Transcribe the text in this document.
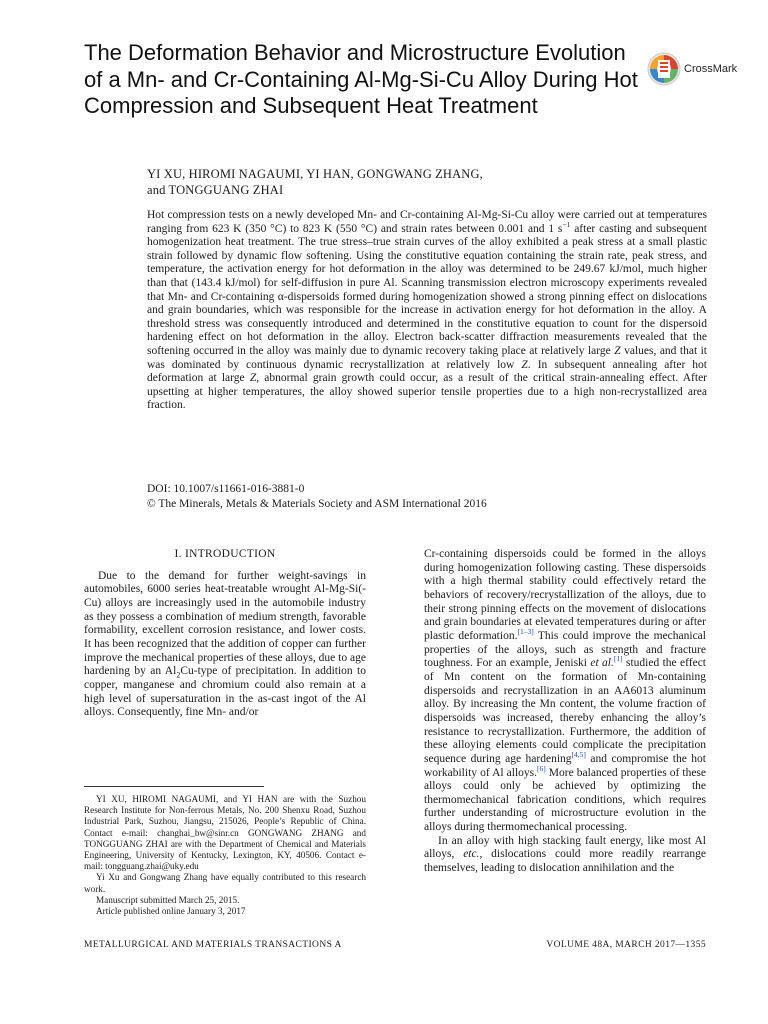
The Deformation Behavior and Microstructure Evolution of a Mn- and Cr-Containing Al-Mg-Si-Cu Alloy During Hot Compression and Subsequent Heat Treatment
CrossMark
YI XU, HIROMI NAGAUMI, YI HAN, GONGWANG ZHANG,
and TONGGUANG ZHAI

Hot compression tests on a newly developed Mn- and Cr-containing Al-Mg-Si-Cu alloy were carried out at temperatures ranging from 623 K (350 °C) to 823 K (550 °C) and strain rates between 0.001 and 1 $s^{-1}$ after casting and subsequent homogenization heat treatment. The true stress–true strain curves of the alloy exhibited a peak stress at a small plastic strain followed by dynamic flow softening. Using the constitutive equation containing the strain rate, peak stress, and temperature, the activation energy for hot deformation in the alloy was determined to be 249.67 kJ/mol, much higher than that (143.4 kJ/mol) for self-diffusion in pure Al. Scanning transmission electron microscopy experiments revealed that Mn- and Cr-containing α-dispersoids formed during homogenization showed a strong pinning effect on dislocations and grain boundaries, which was responsible for the increase in activation energy for hot deformation in the alloy. A threshold stress was consequently introduced and determined in the constitutive equation to count for the dispersoid hardening effect on hot deformation in the alloy. Electron back-scatter diffraction measurements revealed that the softening occurred in the alloy was mainly due to dynamic recovery taking place at relatively large Z values, and that it was dominated by continuous dynamic recrystallization at relatively low Z. In subsequent annealing after hot deformation at large Z, abnormal grain growth could occur, as a result of the critical strain-annealing effect. After upsetting at higher temperatures, the alloy showed superior tensile properties due to a high non-recrystallized area fraction.

DOI: 10.1007/s11661-016-3881-0
© The Minerals, Metals & Materials Society and ASM International 2016
I. INTRODUCTION

Due to the demand for further weight-savings in automobiles, 6000 series heat-treatable wrought Al-Mg-Si(-Cu) alloys are increasingly used in the automobile industry as they possess a combination of medium strength, favorable formability, excellent corrosion resistance, and lower costs. It has been recognized that the addition of copper can further improve the mechanical properties of these alloys, due to age hardening by an $Al_2Cu$-type of precipitation. In addition to copper, manganese and chromium could also remain at a high level of supersaturation in the as-cast ingot of the Al alloys. Consequently, fine Mn- and/or

Cr-containing dispersoids could be formed in the alloys during homogenization following casting. These dispersoids with a high thermal stability could effectively retard the behaviors of recovery/recrystallization of the alloys, due to their strong pinning effects on the movement of dislocations and grain boundaries at elevated temperatures during or after plastic deformation.[1–3] This could improve the mechanical properties of the alloys, such as strength and fracture toughness. For an example, Jeniski et al.[1] studied the effect of Mn content on the formation of Mn-containing dispersoids and recrystallization in an AA6013 aluminum alloy. By increasing the Mn content, the volume fraction of dispersoids was increased, thereby enhancing the alloy’s resistance to recrystallization. Furthermore, the addition of these alloying elements could complicate the precipitation sequence during age hardening[4,5] and compromise the hot workability of Al alloys.[6] More balanced properties of these alloys could only be achieved by optimizing the thermomechanical fabrication conditions, which requires further understanding of microstructure evolution in the alloys during thermomechanical processing.

In an alloy with high stacking fault energy, like most Al alloys, etc., dislocations could more readily rearrange themselves, leading to dislocation annihilation and the

YI XU, HIROMI NAGAUMI, and YI HAN are with the Suzhou Research Institute for Non-ferrous Metals, No. 200 Shenxu Road, Suzhou Industrial Park, Suzhou, Jiangsu, 215026, People’s Republic of China. Contact e-mail: changhai_bw@sinr.cn GONGWANG ZHANG and TONGGUANG ZHAI are with the Department of Chemical and Materials Engineering, University of Kentucky, Lexington, KY, 40506. Contact e-mail: tongguang.zhai@uky.edu

Yi Xu and Gongwang Zhang have equally contributed to this research work.

Manuscript submitted March 25, 2015.

Article published online January 3, 2017

METALLURGICAL AND MATERIALS TRANSACTIONS A	VOLUME 48A, MARCH 2017—1355
